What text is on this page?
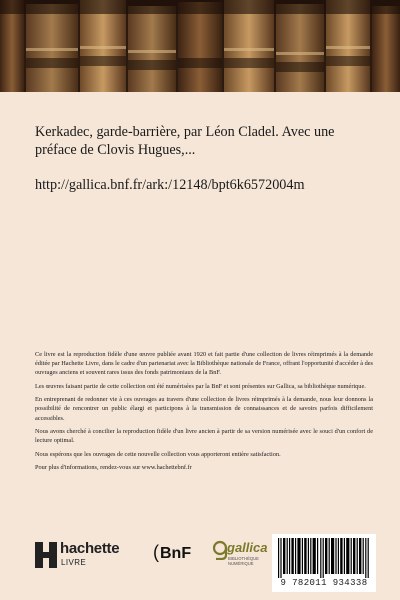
Kerkadec, garde-barrière, par Léon Cladel. Avec une préface de Clovis Hugues,...

http://gallica.bnf.fr/ark:/12148/bpt6k6572004m

Ce livre est la reproduction fidèle d'une œuvre publiée avant 1920 et fait partie d'une collection de livres réimprimés à la demande éditée par Hachette Livre, dans le cadre d'un partenariat avec la Bibliothèque nationale de France, offrant l'opportunité d'accéder à des ouvrages anciens et souvent rares issus des fonds patrimoniaux de la BnF.

Les œuvres faisant partie de cette collection ont été numérisées par la BnF et sont présentes sur Gallica, sa bibliothèque numérique.

En entreprenant de redonner vie à ces ouvrages au travers d'une collection de livres réimprimés à la demande, nous leur donnons la possibilité de rencontrer un public élargi et participons à la transmission de connaissances et de savoirs parfois difficilement accessibles.

Nous avons cherché à concilier la reproduction fidèle d'un livre ancien à partir de sa version numérisée avec le souci d'un confort de lecture optimal.

Nous espérons que les ouvrages de cette nouvelle collection vous apporteront entière satisfaction.

Pour plus d'informations, rendez-vous sur www.hachettebnf.fr

hachette
LIVRE
(BnF	gallica
BIBLIOTHÈQUE NUMÉRIQUE
9 782011 934338
